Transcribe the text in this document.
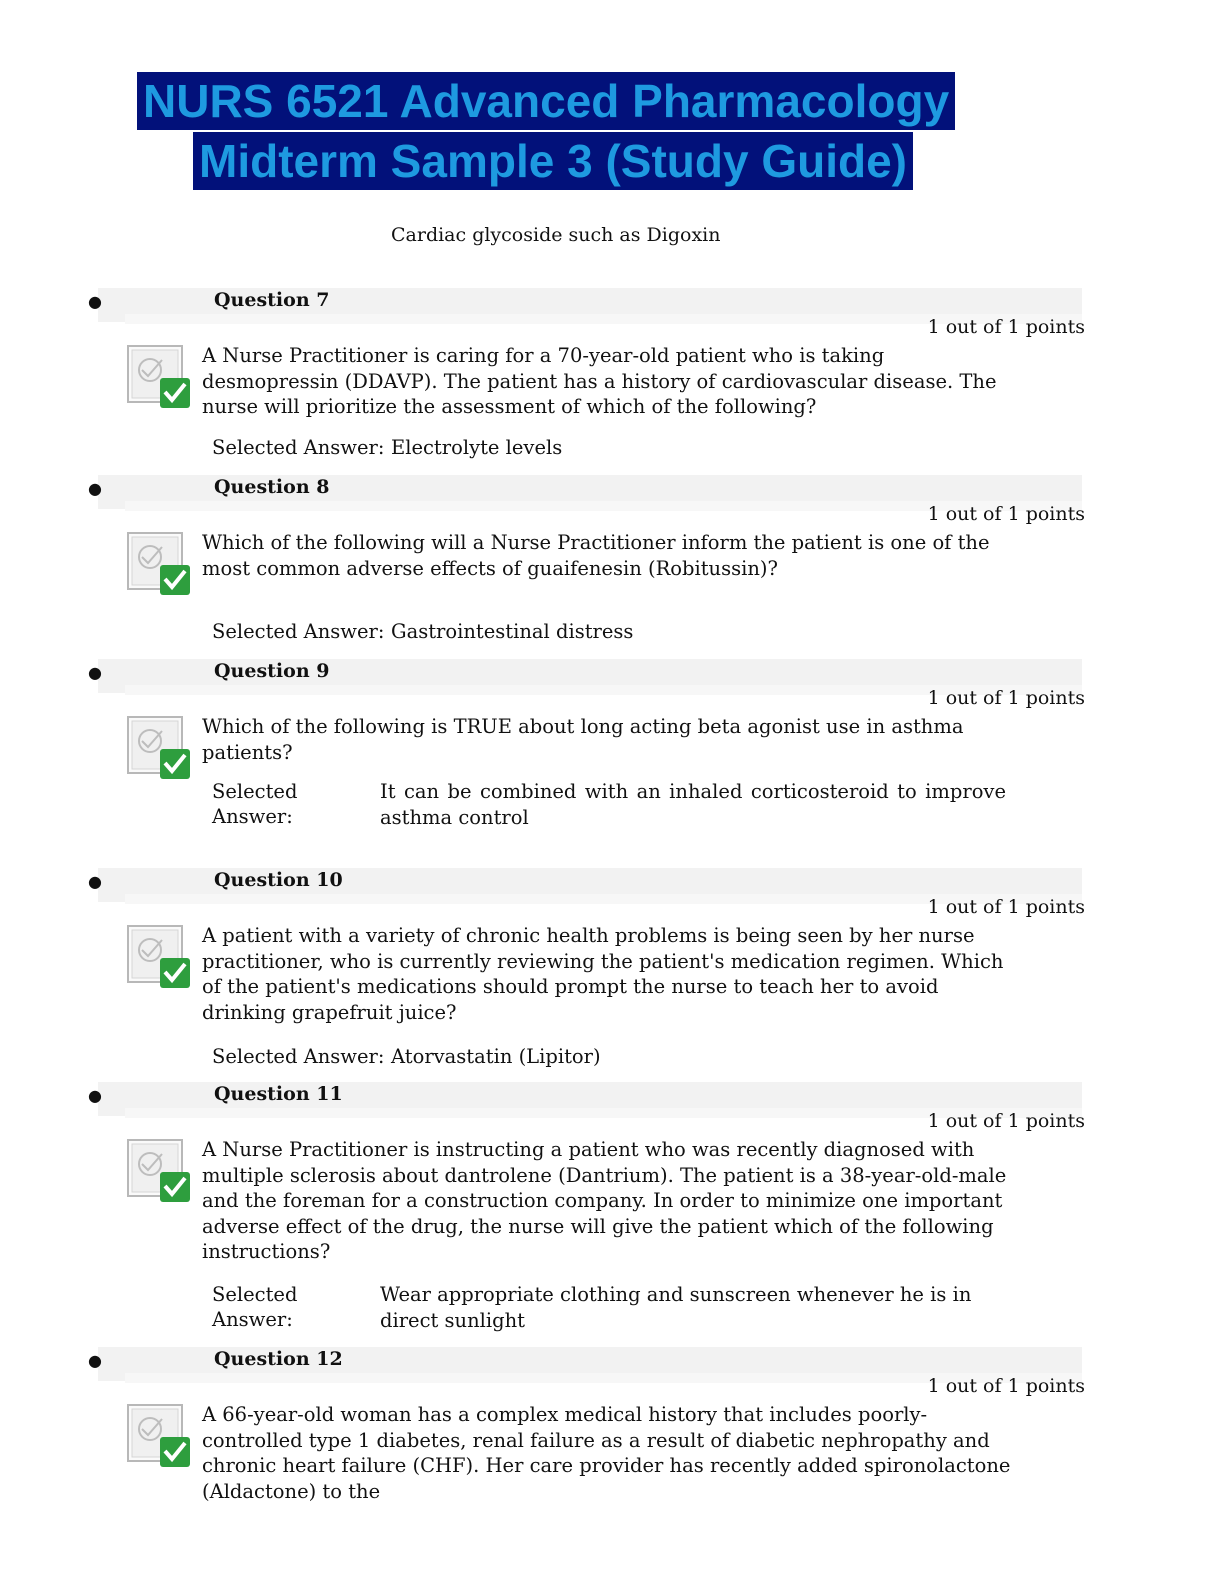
NURS 6521 Advanced Pharmacology
Midterm Sample 3 (Study Guide)
Cardiac glycoside such as Digoxin
●	Question 7
1 out of 1 points
A Nurse Practitioner is caring for a 70-year-old patient who is taking desmopressin (DDAVP). The patient has a history of cardiovascular disease. The nurse will prioritize the assessment of which of the following?
Selected Answer: Electrolyte levels
●	Question 8
1 out of 1 points
Which of the following will a Nurse Practitioner inform the patient is one of the most common adverse effects of guaifenesin (Robitussin)?
Selected Answer: Gastrointestinal distress
●	Question 9
1 out of 1 points
Which of the following is TRUE about long acting beta agonist use in asthma patients?
Selected
Answer:
It can be combined with an inhaled corticosteroid to improve asthma control
●	Question 10
1 out of 1 points
A patient with a variety of chronic health problems is being seen by her nurse practitioner, who is currently reviewing the patient's medication regimen. Which of the patient's medications should prompt the nurse to teach her to avoid drinking grapefruit juice?
Selected Answer: Atorvastatin (Lipitor)
●	Question 11
1 out of 1 points
A Nurse Practitioner is instructing a patient who was recently diagnosed with multiple sclerosis about dantrolene (Dantrium). The patient is a 38-year-old-male and the foreman for a construction company. In order to minimize one important adverse effect of the drug, the nurse will give the patient which of the following instructions?
Selected
Answer:
Wear appropriate clothing and sunscreen whenever he is in direct sunlight
●	Question 12
1 out of 1 points
A 66-year-old woman has a complex medical history that includes poorly-controlled type 1 diabetes, renal failure as a result of diabetic nephropathy and chronic heart failure (CHF). Her care provider has recently added spironolactone (Aldactone) to the
